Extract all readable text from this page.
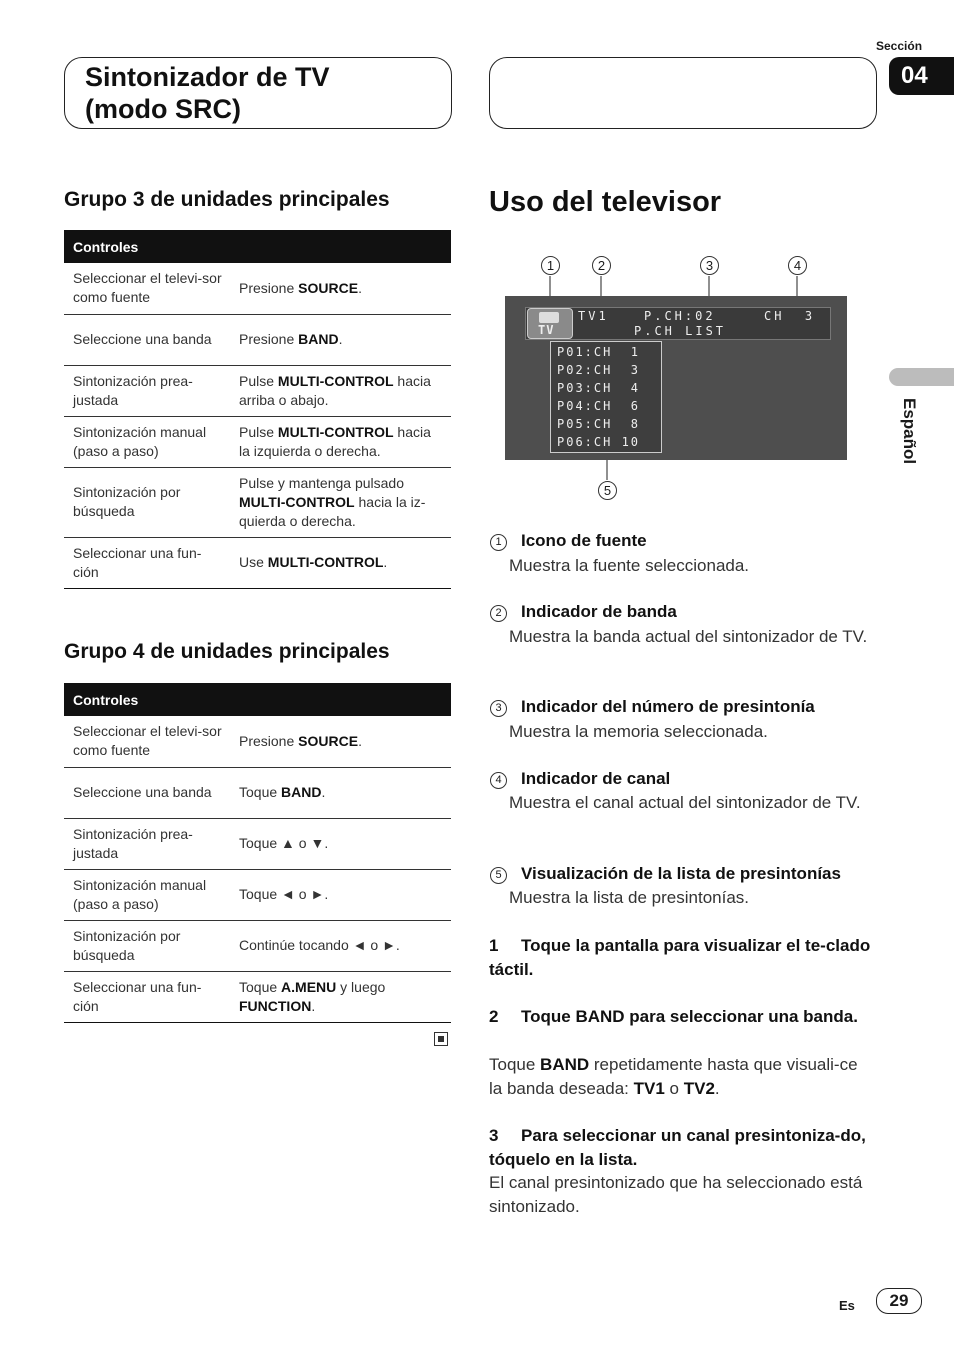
Sintonizador de TV
(modo SRC)
Sección
04
Español
Grupo 3 de unidades principales
Controles	
Seleccionar el televi-sor como fuente	Presione SOURCE.
Seleccione una banda	Presione BAND.
Sintonización prea-justada	Pulse MULTI-CONTROL hacia arriba o abajo.
Sintonización manual (paso a paso)	Pulse MULTI-CONTROL hacia la izquierda o derecha.
Sintonización por búsqueda	Pulse y mantenga pulsado MULTI-CONTROL hacia la iz-quierda o derecha.
Seleccionar una fun-ción	Use MULTI-CONTROL.
Grupo 4 de unidades principales
Controles	
Seleccionar el televi-sor como fuente	Presione SOURCE.
Seleccione una banda	Toque BAND.
Sintonización prea-justada	Toque ▲ o ▼.
Sintonización manual (paso a paso)	Toque ◄ o ►.
Sintonización por búsqueda	Continúe tocando ◄ o ►.
Seleccionar una fun-ción	Toque A.MENU y luego FUNCTION.
Uso del televisor
1	2	3	4
5
TV
TV1	P.CH:02	CH  3
P.CH LIST
P01:CH  1
P02:CH  3
P03:CH  4
P04:CH  6
P05:CH  8
P06:CH 10
1	Icono de fuente
Muestra la fuente seleccionada.
2	Indicador de banda
Muestra la banda actual del sintonizador de TV.
3	Indicador del número de presintonía
Muestra la memoria seleccionada.
4	Indicador de canal
Muestra el canal actual del sintonizador de TV.
5	Visualización de la lista de presintonías
Muestra la lista de presintonías.
1 Toque la pantalla para visualizar el te-clado táctil.
2 Toque BAND para seleccionar una banda.
Toque BAND repetidamente hasta que visuali-ce la banda deseada: TV1 o TV2.
3 Para seleccionar un canal presintoniza-do, tóquelo en la lista.
El canal presintonizado que ha seleccionado está sintonizado.
Es	29
